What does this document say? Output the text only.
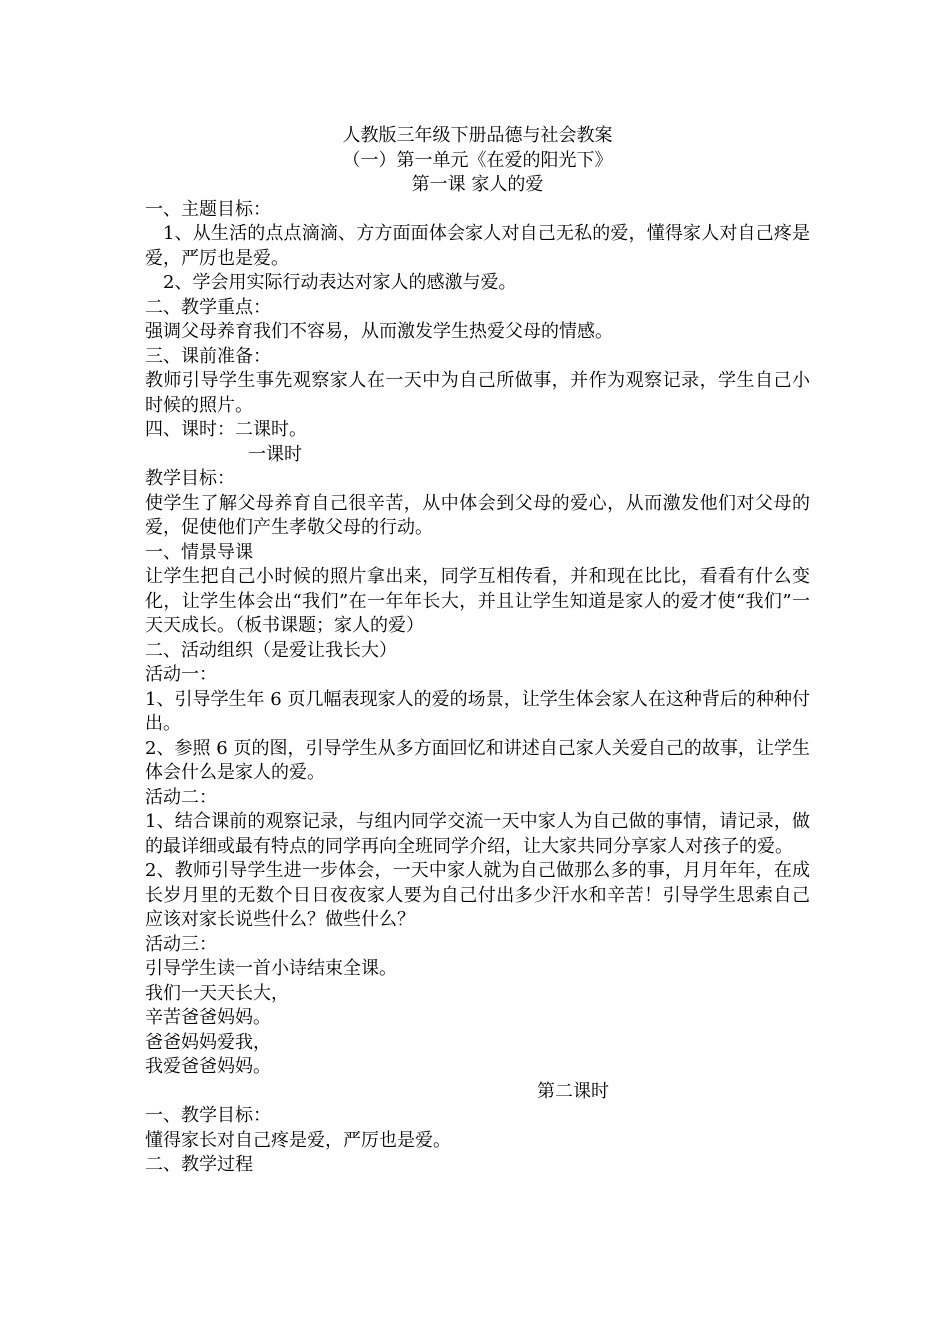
人教版三年级下册品德与社会教案
（一）第一单元《在爱的阳光下》
第一课 家人的爱
一、主题目标：
1、从生活的点点滴滴、方方面面体会家人对自己无私的爱，懂得家人对自己疼是爱，严厉也是爱。
2、学会用实际行动表达对家人的感激与爱。
二、教学重点：
强调父母养育我们不容易，从而激发学生热爱父母的情感。
三、课前准备：
教师引导学生事先观察家人在一天中为自己所做事，并作为观察记录，学生自己小时候的照片。
四、课时：二课时。
一课时
教学目标：
使学生了解父母养育自己很辛苦，从中体会到父母的爱心，从而激发他们对父母的爱，促使他们产生孝敬父母的行动。
一、情景导课
让学生把自己小时候的照片拿出来，同学互相传看，并和现在比比，看看有什么变化，让学生体会出“我们”在一年年长大，并且让学生知道是家人的爱才使“我们”一天天成长。（板书课题；家人的爱）
二、活动组织（是爱让我长大）
活动一：
1、引导学生年 6 页几幅表现家人的爱的场景，让学生体会家人在这种背后的种种付出。
2、参照 6 页的图，引导学生从多方面回忆和讲述自己家人关爱自己的故事，让学生体会什么是家人的爱。
活动二：
1、结合课前的观察记录，与组内同学交流一天中家人为自己做的事情，请记录，做的最详细或最有特点的同学再向全班同学介绍，让大家共同分享家人对孩子的爱。
2、教师引导学生进一步体会，一天中家人就为自己做那么多的事，月月年年，在成长岁月里的无数个日日夜夜家人要为自己付出多少汗水和辛苦！引导学生思索自己应该对家长说些什么？做些什么？
活动三：
引导学生读一首小诗结束全课。
我们一天天长大，
辛苦爸爸妈妈。
爸爸妈妈爱我，
我爱爸爸妈妈。
第二课时
一、教学目标：
懂得家长对自己疼是爱，严厉也是爱。
二、教学过程
